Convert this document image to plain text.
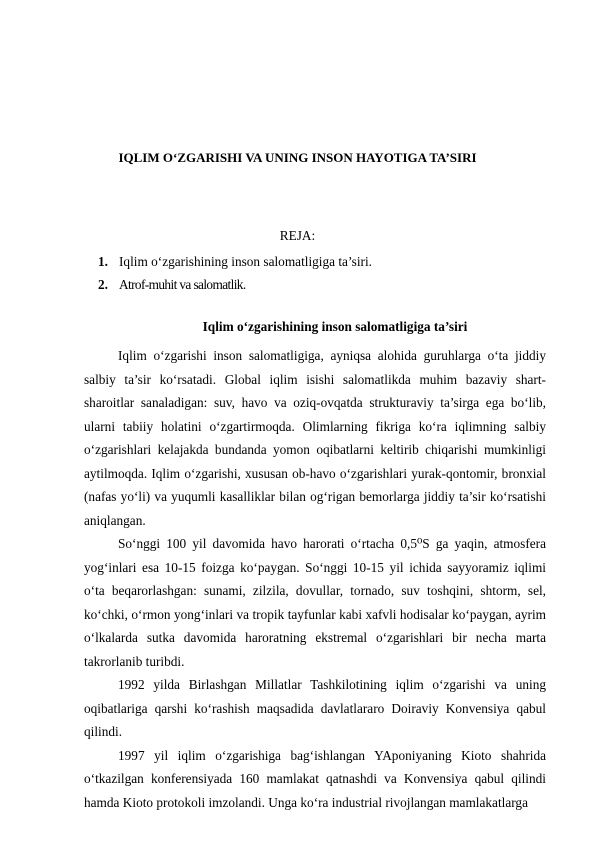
IQLIM O‘ZGARISHI VA UNING INSON HAYOTIGA TA’SIRI
REJA:
1. Iqlim o‘zgarishining inson salomatligiga ta’siri.
2. Atrof-muhit va salomatlik.
Iqlim o‘zgarishining inson salomatligiga ta’siri

Iqlim o‘zgarishi inson salomatligiga, ayniqsa alohida guruhlarga o‘ta jiddiy salbiy ta’sir ko‘rsatadi. Global iqlim isishi salomatlikda muhim bazaviy shart-sharoitlar sanaladigan: suv, havo va oziq-ovqatda strukturaviy ta’sirga ega bo‘lib, ularni tabiiy holatini o‘zgartirmoqda. Olimlarning fikriga ko‘ra iqlimning salbiy o‘zgarishlari kelajakda bundanda yomon oqibatlarni keltirib chiqarishi mumkinligi aytilmoqda. Iqlim o‘zgarishi, xususan ob-havo o‘zgarishlari yurak-qontomir, bronxial (nafas yo‘li) va yuqumli kasalliklar bilan og‘rigan bemorlarga jiddiy ta’sir ko‘rsatishi aniqlangan.

So‘nggi 100 yil davomida havo harorati o‘rtacha 0,5⁰S ga yaqin, atmosfera yog‘inlari esa 10-15 foizga ko‘paygan. So‘nggi 10-15 yil ichida sayyoramiz iqlimi o‘ta beqarorlashgan: sunami, zilzila, dovullar, tornado, suv toshqini, shtorm, sel, ko‘chki, o‘rmon yong‘inlari va tropik tayfunlar kabi xafvli hodisalar ko‘paygan, ayrim o‘lkalarda sutka davomida haroratning ekstremal o‘zgarishlari bir necha marta takrorlanib turibdi.

1992 yilda Birlashgan Millatlar Tashkilotining iqlim o‘zgarishi va uning oqibatlariga qarshi ko‘rashish maqsadida davlatlararo Doiraviy Konvensiya qabul qilindi.

1997 yil iqlim o‘zgarishiga bag‘ishlangan YAponiyaning Kioto shahrida o‘tkazilgan konferensiyada 160 mamlakat qatnashdi va Konvensiya qabul qilindi hamda Kioto protokoli imzolandi. Unga ko‘ra industrial rivojlangan mamlakatlarga
